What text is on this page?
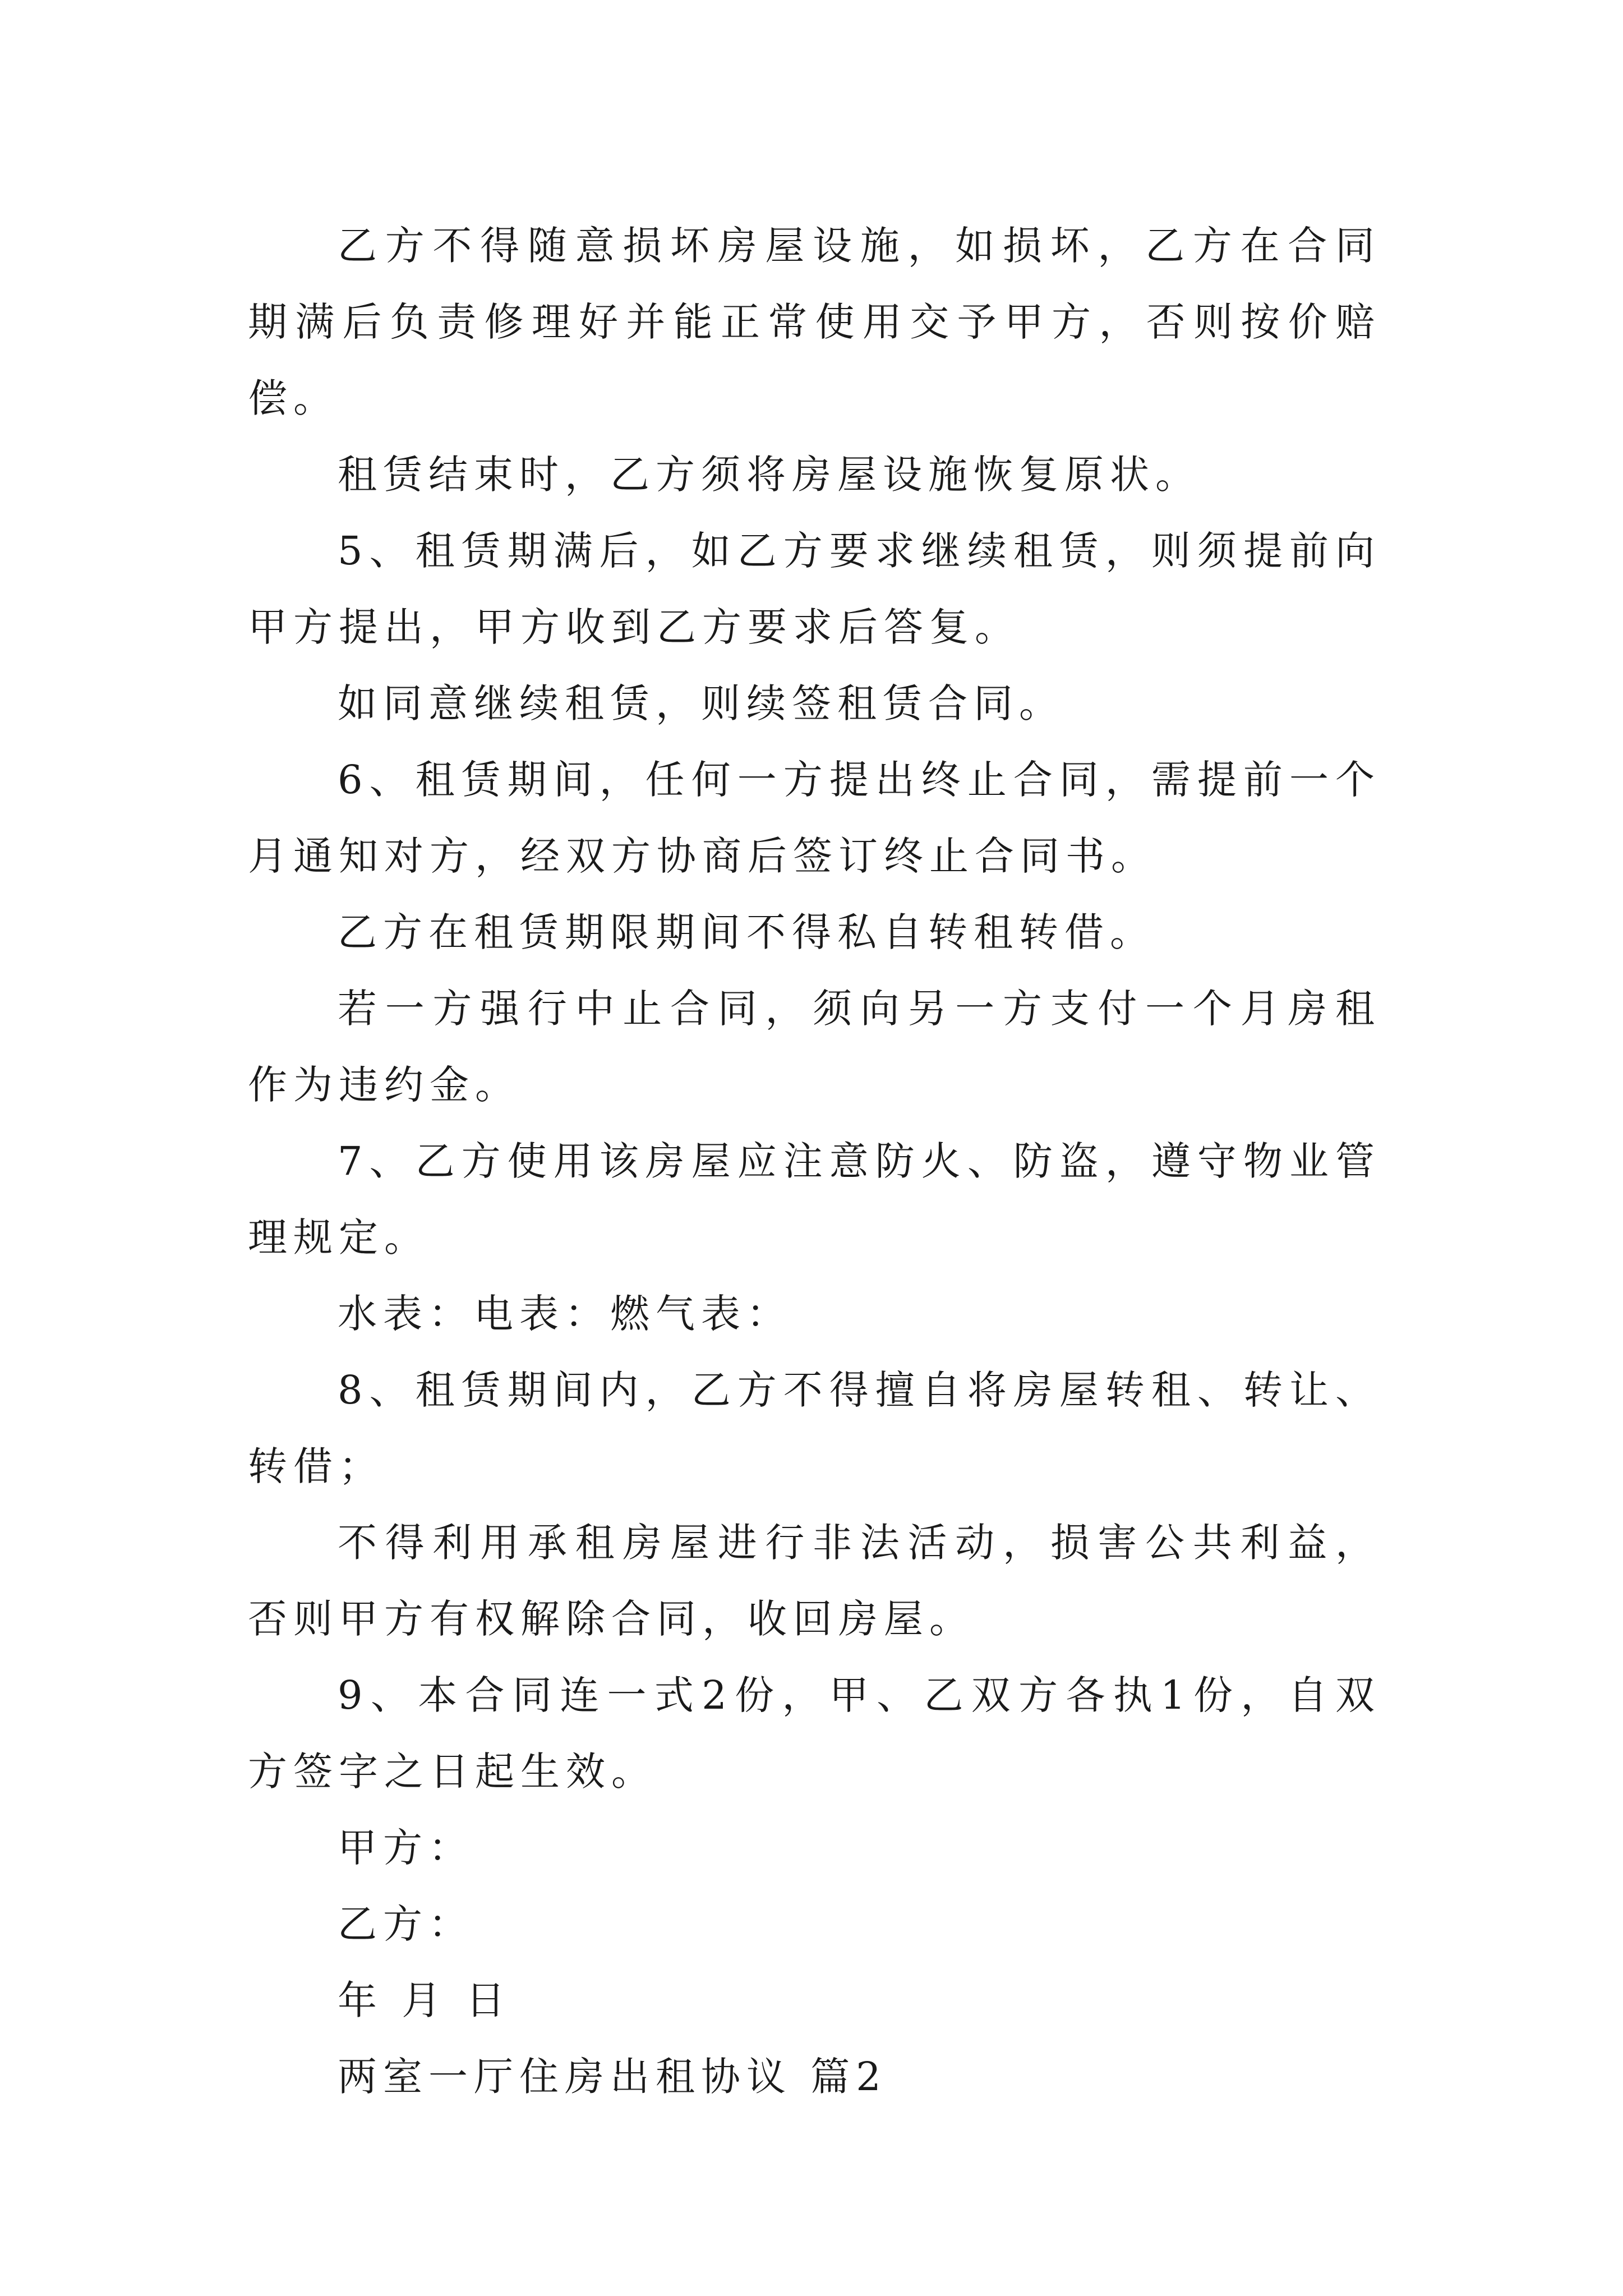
乙方不得随意损坏房屋设施，如损坏，乙方在合同期满后负责修理好并能正常使用交予甲方，否则按价赔偿。

租赁结束时，乙方须将房屋设施恢复原状。

5、租赁期满后，如乙方要求继续租赁，则须提前向甲方提出，甲方收到乙方要求后答复。

如同意继续租赁，则续签租赁合同。

6、租赁期间，任何一方提出终止合同，需提前一个月通知对方，经双方协商后签订终止合同书。

乙方在租赁期限期间不得私自转租转借。

若一方强行中止合同，须向另一方支付一个月房租作为违约金。

7、乙方使用该房屋应注意防火、防盗，遵守物业管理规定。

水表：电表：燃气表：

8、租赁期间内，乙方不得擅自将房屋转租、转让、转借；

不得利用承租房屋进行非法活动，损害公共利益，否则甲方有权解除合同，收回房屋。

9、本合同连一式2份，甲、乙双方各执1份，自双方签字之日起生效。

甲方：

乙方：

年 月 日

两室一厅住房出租协议 篇2
